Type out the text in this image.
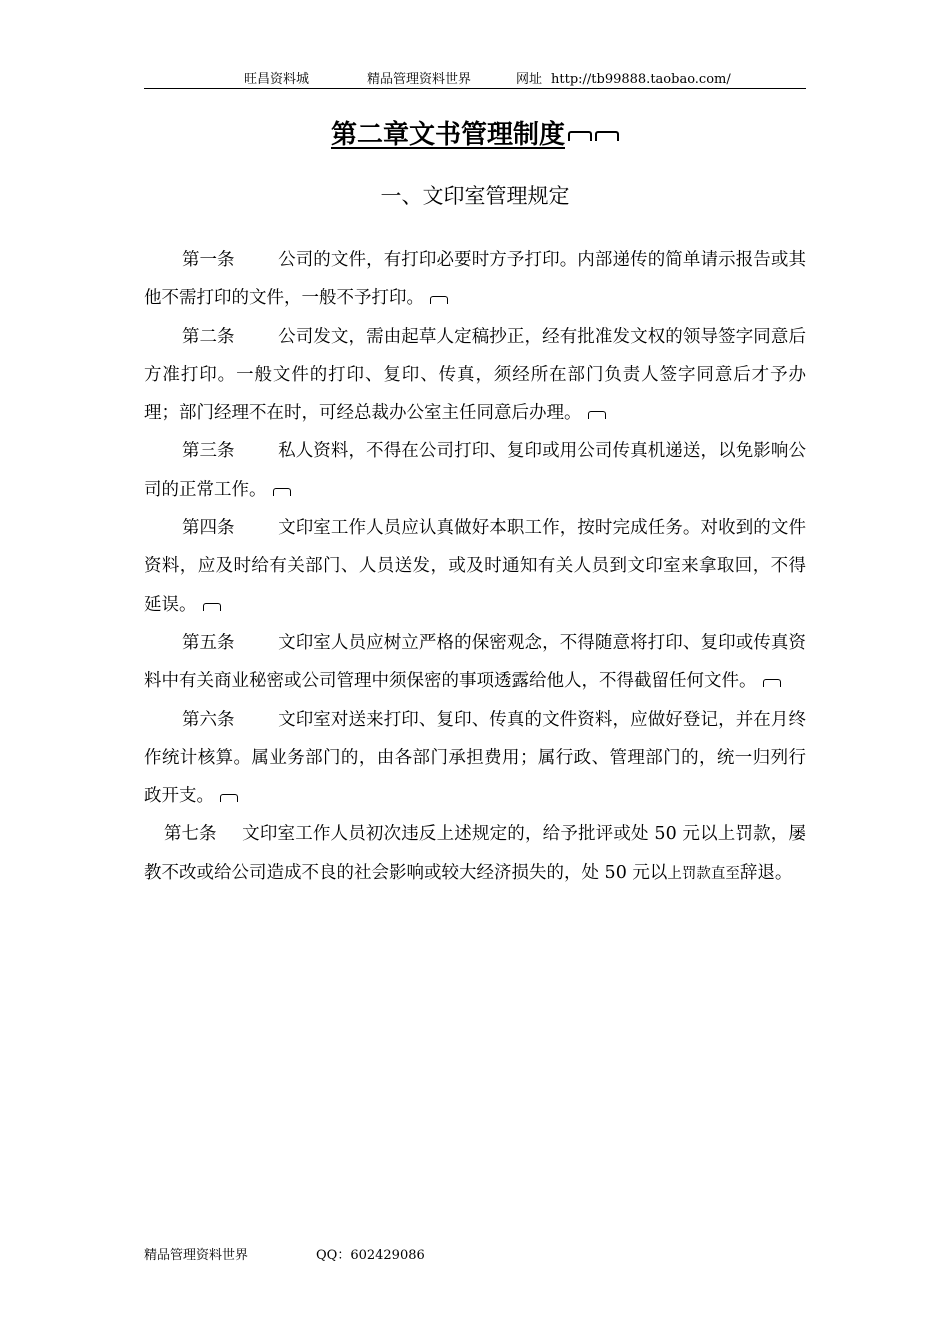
旺昌资料城	精品管理资料世界	网址 http://tb99888.taobao.com/
第二章文书管理制度
一、文印室管理规定

第一条 公司的文件，有打印必要时方予打印。内部递传的简单请示报告或其他不需打印的文件，一般不予打印。

第二条 公司发文，需由起草人定稿抄正，经有批准发文权的领导签字同意后方准打印。一般文件的打印、复印、传真，须经所在部门负责人签字同意后才予办理；部门经理不在时，可经总裁办公室主任同意后办理。

第三条 私人资料，不得在公司打印、复印或用公司传真机递送，以免影响公司的正常工作。

第四条 文印室工作人员应认真做好本职工作，按时完成任务。对收到的文件资料，应及时给有关部门、人员送发，或及时通知有关人员到文印室来拿取回，不得延误。

第五条 文印室人员应树立严格的保密观念，不得随意将打印、复印或传真资料中有关商业秘密或公司管理中须保密的事项透露给他人，不得截留任何文件。

第六条 文印室对送来打印、复印、传真的文件资料，应做好登记，并在月终作统计核算。属业务部门的，由各部门承担费用；属行政、管理部门的，统一归列行政开支。

第七条 文印室工作人员初次违反上述规定的，给予批评或处 50 元以上罚款，屡教不改或给公司造成不良的社会影响或较大经济损失的，处 50 元以上罚款直至辞退。

精品管理资料世界	QQ：602429086
